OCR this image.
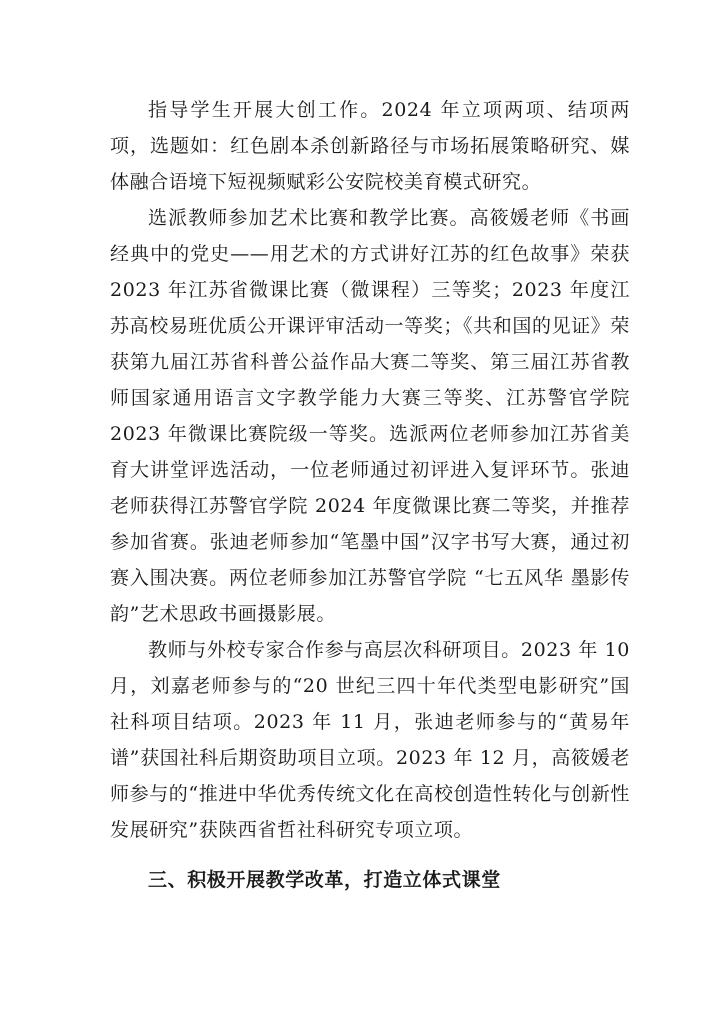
指导学生开展大创工作。2024 年立项两项、结项两项，选题如：红色剧本杀创新路径与市场拓展策略研究、媒体融合语境下短视频赋彩公安院校美育模式研究。

选派教师参加艺术比赛和教学比赛。高筱媛老师《书画经典中的党史——用艺术的方式讲好江苏的红色故事》荣获 2023 年江苏省微课比赛（微课程）三等奖；2023 年度江苏高校易班优质公开课评审活动一等奖；《共和国的见证》荣获第九届江苏省科普公益作品大赛二等奖、第三届江苏省教师国家通用语言文字教学能力大赛三等奖、江苏警官学院 2023 年微课比赛院级一等奖。选派两位老师参加江苏省美育大讲堂评选活动，一位老师通过初评进入复评环节。张迪老师获得江苏警官学院 2024 年度微课比赛二等奖，并推荐参加省赛。张迪老师参加“笔墨中国”汉字书写大赛，通过初赛入围决赛。两位老师参加江苏警官学院 “七五风华 墨影传韵”艺术思政书画摄影展。

教师与外校专家合作参与高层次科研项目。2023 年 10 月，刘嘉老师参与的“20 世纪三四十年代类型电影研究”国社科项目结项。2023 年 11 月，张迪老师参与的“黄易年谱”获国社科后期资助项目立项。2023 年 12 月，高筱媛老师参与的“推进中华优秀传统文化在高校创造性转化与创新性发展研究”获陕西省哲社科研究专项立项。

三、积极开展教学改革，打造立体式课堂
